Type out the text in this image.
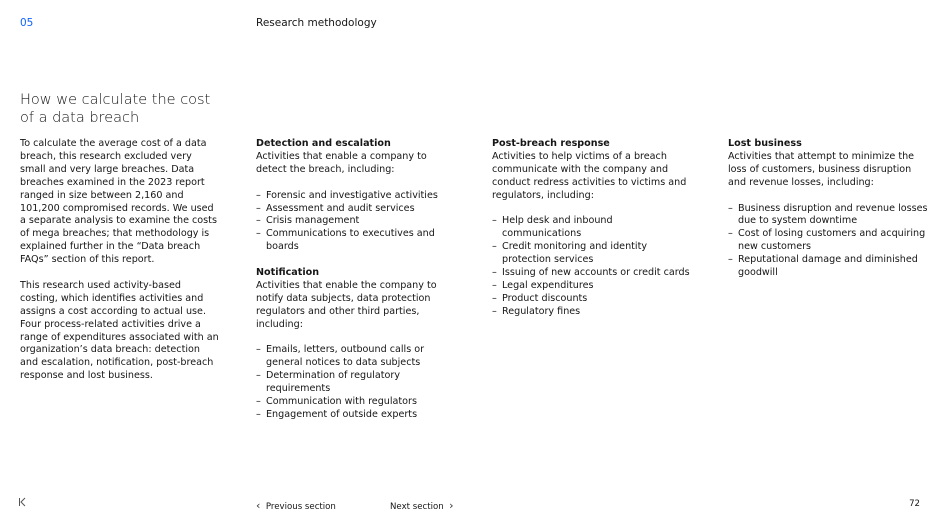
05	Research methodology
How we calculate the cost of a data breach

To calculate the average cost of a data breach, this research excluded very small and very large breaches. Data breaches examined in the 2023 report ranged in size between 2,160 and 101,200 compromised records. We used a separate analysis to examine the costs of mega breaches; that methodology is explained further in the “Data breach FAQs” section of this report.

This research used activity-based costing, which identifies activities and assigns a cost according to actual use. Four process-related activities drive a range of expenditures associated with an organization’s data breach: detection and escalation, notification, post-breach response and lost business.

Detection and escalation

Activities that enable a company to detect the breach, including:

– Forensic and investigative activities
– Assessment and audit services
– Crisis management
– Communications to executives and boards

Notification

Activities that enable the company to notify data subjects, data protection regulators and other third parties, including:

– Emails, letters, outbound calls or general notices to data subjects
– Determination of regulatory requirements
– Communication with regulators
– Engagement of outside experts

Post-breach response

Activities to help victims of a breach communicate with the company and conduct redress activities to victims and regulators, including:

– Help desk and inbound communications
– Credit monitoring and identity protection services
– Issuing of new accounts or credit cards
– Legal expenditures
– Product discounts
– Regulatory fines

Lost business

Activities that attempt to minimize the loss of customers, business disruption and revenue losses, including:

– Business disruption and revenue losses due to system downtime
– Cost of losing customers and acquiring new customers
– Reputational damage and diminished goodwill
‹ Previous section	Next section ›	72
